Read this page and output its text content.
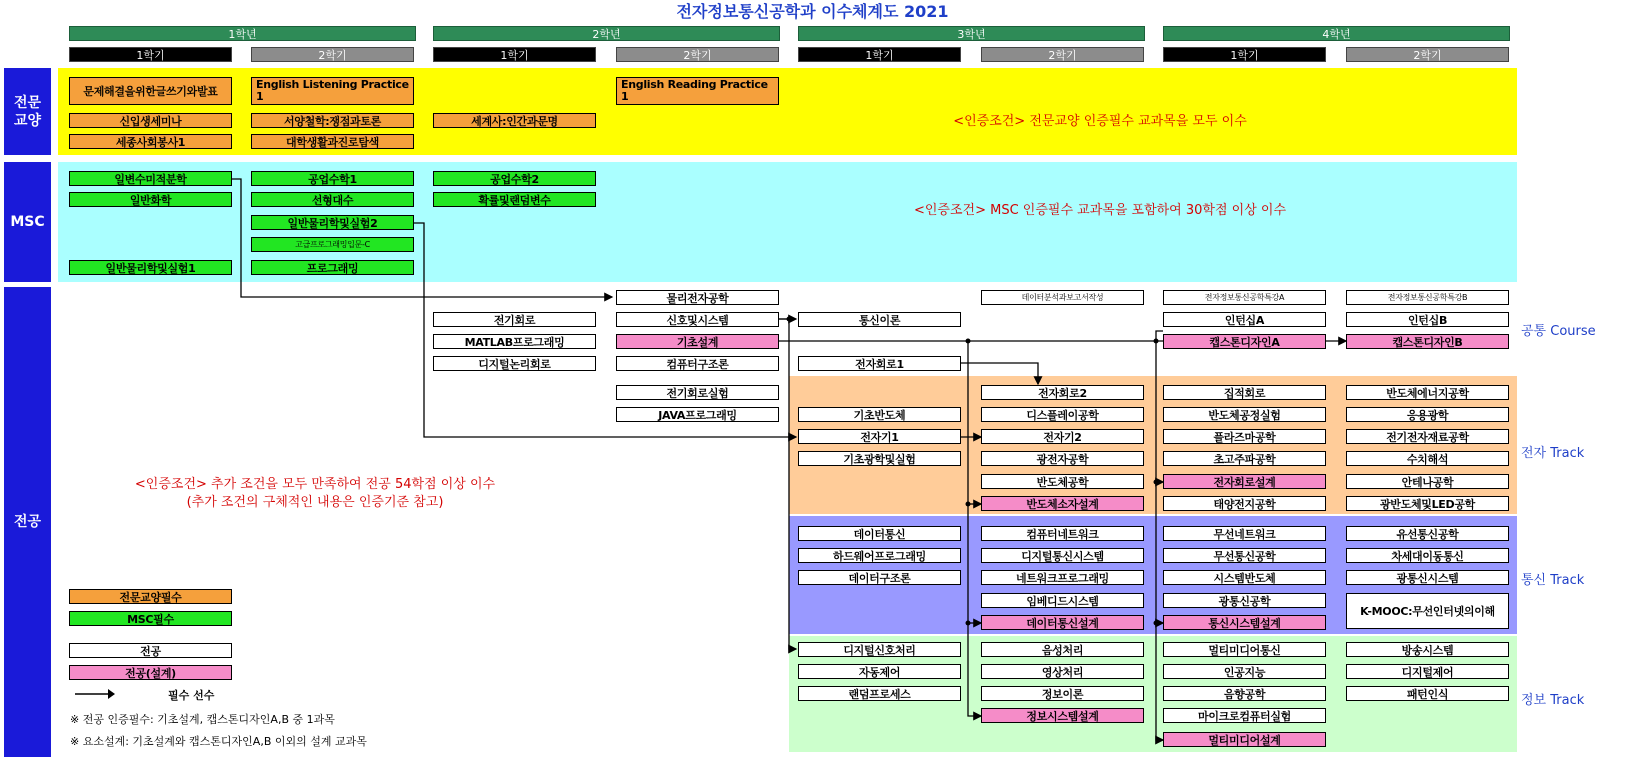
전자정보통신공학과 이수체계도 2021
1학년	2학년	3학년	4학년
1학기	2학기	1학기	2학기	1학기	2학기	1학기	2학기
전문
교양
MSC
전공
<인증조건> 전문교양 인증필수 교과목을 모두 이수
<인증조건> MSC 인증필수 교과목을 포함하여 30학점 이상 이수
<인증조건> 추가 조건을 모두 만족하여 전공 54학점 이상 이수
(추가 조건의 구체적인 내용은 인증기준 참고)
공통 Course
전자 Track
통신 Track
정보 Track
문제해결을위한글쓰기와발표
신입생세미나
세종사회봉사1
English Listening Practice 1
서양철학:쟁점과토론
대학생활과진로탐색
세계사:인간과문명
English Reading Practice 1
일변수미적분학
일반화학
일반물리학및실험1
공업수학1
선형대수
일반물리학및실험2
고급프로그래밍입문-C
프로그래밍
공업수학2
확률및랜덤변수
전기회로
MATLAB프로그래밍
디지털논리회로
물리전자공학
신호및시스템
기초설계
컴퓨터구조론
전기회로실험
JAVA프로그래밍
통신이론
전자회로1
데이터분석과보고서작성	전자정보통신공학특강A	전자정보통신공학특강B
인턴십A	인턴십B
캡스톤디자인A	캡스톤디자인B
기초반도체
전자기1
기초광학및실험
전자회로2
디스플레이공학
전자기2
광전자공학
반도체공학
반도체소자설계
집적회로
반도체공정실험
플라즈마공학
초고주파공학
전자회로설계
태양전지공학
반도체에너지공학
응용광학
전기전자재료공학
수치해석
안테나공학
광반도체및LED공학
데이터통신
하드웨어프로그래밍
데이터구조론
컴퓨터네트워크
디지털통신시스템
네트워크프로그래밍
임베디드시스템
데이터통신설계
무선네트워크
무선통신공학
시스템반도체
광통신공학
통신시스템설계
유선통신공학
차세대이동통신
광통신시스템
K-MOOC:무선인터넷의이해
디지털신호처리
자동제어
랜덤프로세스
음성처리
영상처리
정보이론
정보시스템설계
멀티미디어통신
인공지능
음향공학
마이크로컴퓨터실험
멀티미디어설계
방송시스템
디지털제어
패턴인식
전문교양필수
MSC필수
전공
전공(설계)
필수 선수
※ 전공 인증필수: 기초설계, 캡스톤디자인A,B 중 1과목
※ 요소설계: 기초설계와 캡스톤디자인A,B 이외의 설계 교과목
